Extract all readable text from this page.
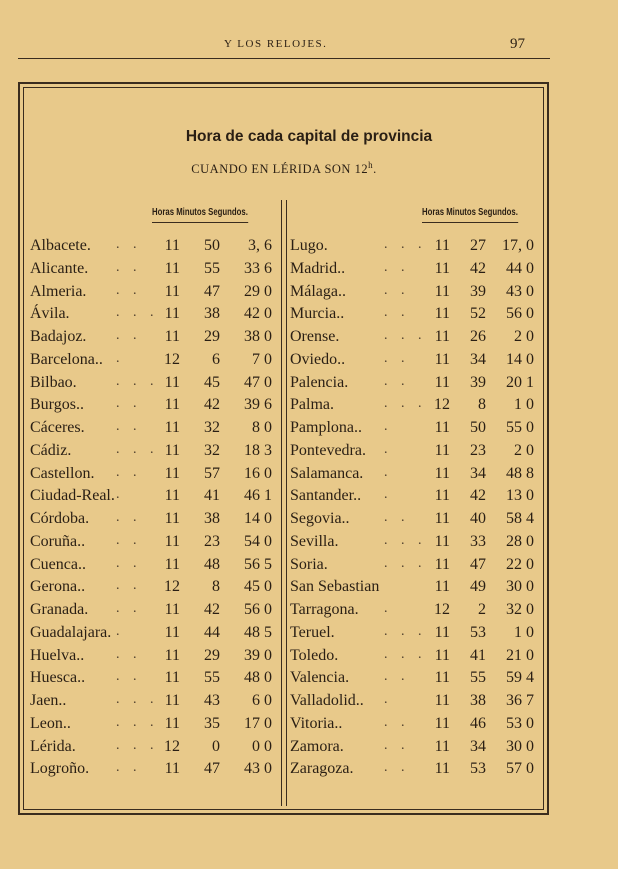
Y LOS RELOJES.	97
Hora de cada capital de provincia
CUANDO EN LÉRIDA SON 12$^h$.
Horas Minutos Segundos.	Horas Minutos Segundos.
Albacete. . .	11	50	3, 6
Alicante. . .	11	55	33 6
Almeria. . .	11	47	29 0
Ávila.	. . . 11	38	42 0
Badajoz. . .	11	29	38 0
Barcelona.. .	12	6	7 0
Bilbao.	. . . 11	45	47 0
Burgos.. . .	11	42	39 6
Cáceres. . .	11	32	8 0
Cádiz.	. . . 11	32	18 3
Castellon. . .	11	57	16 0
Ciudad-Real. .	11	41	46 1
Córdoba. . .	11	38	14 0
Coruña.. . .	11	23	54 0
Cuenca.. . .	11	48	56 5
Gerona.. . .	12	8	45 0
Granada. . .	11	42	56 0
Guadalajara. .	11	44	48 5
Huelva.. . .	11	29	39 0
Huesca.. . .	11	55	48 0
Jaen..	. . . 11	43	6 0
Leon..	. . . 11	35	17 0
Lérida.	. . . 12	0	0 0
Logroño. . .	11	47	43 0
Lugo.	. . . 11	27	17, 0
Madrid..	. .	11	42	44 0
Málaga..	. .	11	39	43 0
Murcia..	. .	11	52	56 0
Orense.	. . . 11	26	2 0
Oviedo..	. .	11	34	14 0
Palencia.	. .	11	39	20 1
Palma.	. . . 12	8	1 0
Pamplona.. .	11	50	55 0
Pontevedra. .	11	23	2 0
Salamanca. .	11	34	48 8
Santander.. .	11	42	13 0
Segovia.. . .	11	40	58 4
Sevilla.	. . . 11	33	28 0
Soria.	. . . 11	47	22 0
San Sebastian	11	49	30 0
Tarragona. .	12	2	32 0
Teruel.	. . . 11	53	1 0
Toledo.	. . . 11	41	21 0
Valencia. . .	11	55	59 4
Valladolid.. .	11	38	36 7
Vitoria..	. .	11	46	53 0
Zamora.	. .	11	34	30 0
Zaragoza. . .	11	53	57 0
